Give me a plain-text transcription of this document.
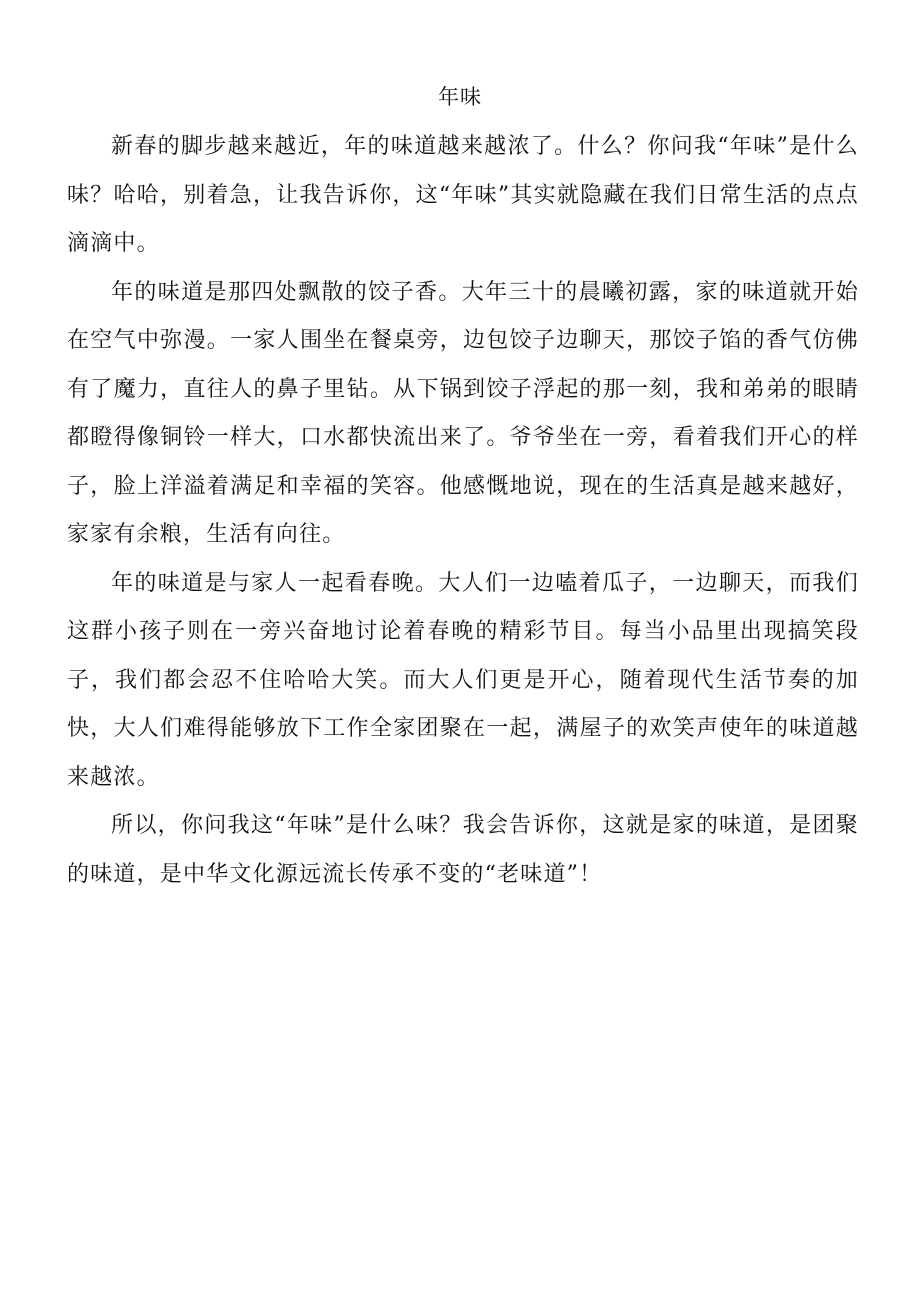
年味

新春的脚步越来越近，年的味道越来越浓了。什么？你问我“年味”是什么味？哈哈，别着急，让我告诉你，这“年味”其实就隐藏在我们日常生活的点点滴滴中。

年的味道是那四处飘散的饺子香。大年三十的晨曦初露，家的味道就开始在空气中弥漫。一家人围坐在餐桌旁，边包饺子边聊天，那饺子馅的香气仿佛有了魔力，直往人的鼻子里钻。从下锅到饺子浮起的那一刻，我和弟弟的眼睛都瞪得像铜铃一样大，口水都快流出来了。爷爷坐在一旁，看着我们开心的样子，脸上洋溢着满足和幸福的笑容。他感慨地说，现在的生活真是越来越好，家家有余粮，生活有向往。

年的味道是与家人一起看春晚。大人们一边嗑着瓜子，一边聊天，而我们这群小孩子则在一旁兴奋地讨论着春晚的精彩节目。每当小品里出现搞笑段子，我们都会忍不住哈哈大笑。而大人们更是开心，随着现代生活节奏的加快，大人们难得能够放下工作全家团聚在一起，满屋子的欢笑声使年的味道越来越浓。

所以，你问我这“年味”是什么味？我会告诉你，这就是家的味道，是团聚的味道，是中华文化源远流长传承不变的“老味道”！
